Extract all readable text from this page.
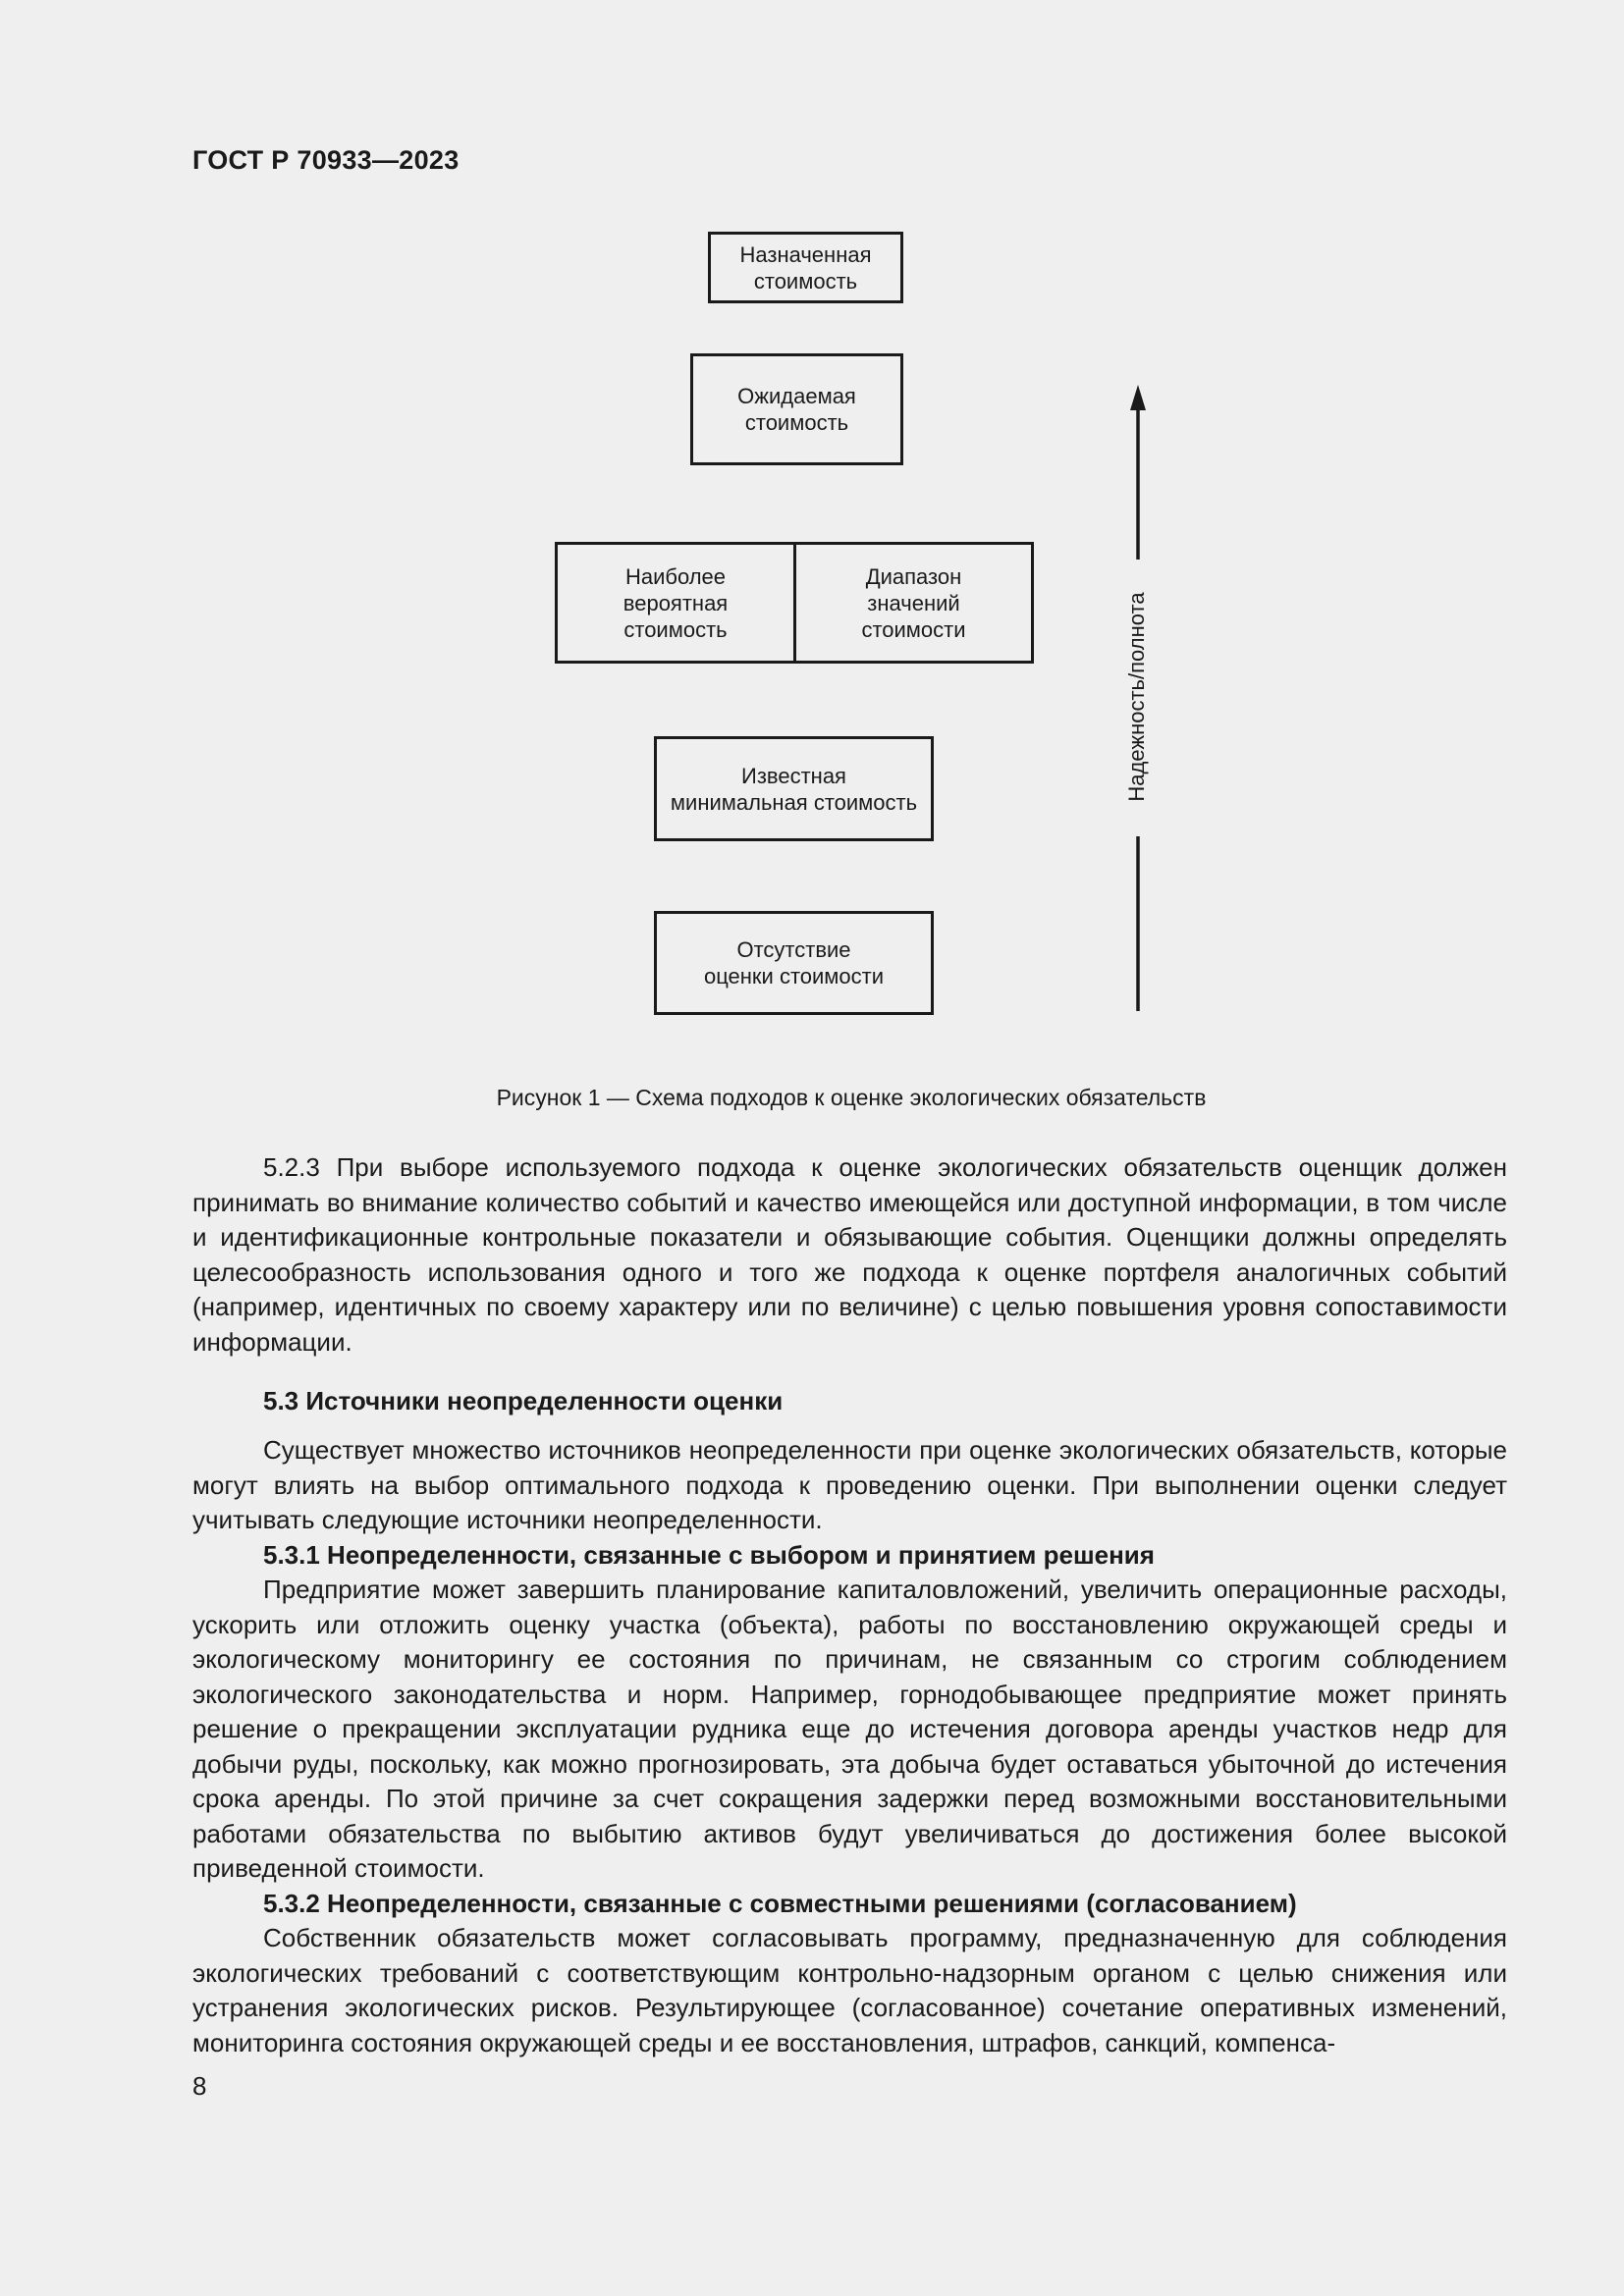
ГОСТ Р 70933—2023
Назначенная
стоимость
Ожидаемая
стоимость
Наиболее
вероятная
стоимость
Диапазон
значений
стоимости
Известная
минимальная стоимость
Отсутствие
оценки стоимости
Надежность/полнота
Рисунок 1 — Схема подходов к оценке экологических обязательств

5.2.3 При выборе используемого подхода к оценке экологических обязательств оценщик должен принимать во внимание количество событий и качество имеющейся или доступной информации, в том числе и идентификационные контрольные показатели и обязывающие события. Оценщики должны определять целесообразность использования одного и того же подхода к оценке портфеля аналогичных событий (например, идентичных по своему характеру или по величине) с целью повышения уровня сопоставимости информации.

5.3 Источники неопределенности оценки

Существует множество источников неопределенности при оценке экологических обязательств, которые могут влиять на выбор оптимального подхода к проведению оценки. При выполнении оценки следует учитывать следующие источники неопределенности.

5.3.1 Неопределенности, связанные с выбором и принятием решения

Предприятие может завершить планирование капиталовложений, увеличить операционные расходы, ускорить или отложить оценку участка (объекта), работы по восстановлению окружающей среды и экологическому мониторингу ее состояния по причинам, не связанным со строгим соблюдением экологического законодательства и норм. Например, горнодобывающее предприятие может принять решение о прекращении эксплуатации рудника еще до истечения договора аренды участков недр для добычи руды, поскольку, как можно прогнозировать, эта добыча будет оставаться убыточной до истечения срока аренды. По этой причине за счет сокращения задержки перед возможными восстановительными работами обязательства по выбытию активов будут увеличиваться до достижения более высокой приведенной стоимости.

5.3.2 Неопределенности, связанные с совместными решениями (согласованием)

Собственник обязательств может согласовывать программу, предназначенную для соблюдения экологических требований с соответствующим контрольно-надзорным органом с целью снижения или устранения экологических рисков. Результирующее (согласованное) сочетание оперативных изменений, мониторинга состояния окружающей среды и ее восстановления, штрафов, санкций, компенса-

8
